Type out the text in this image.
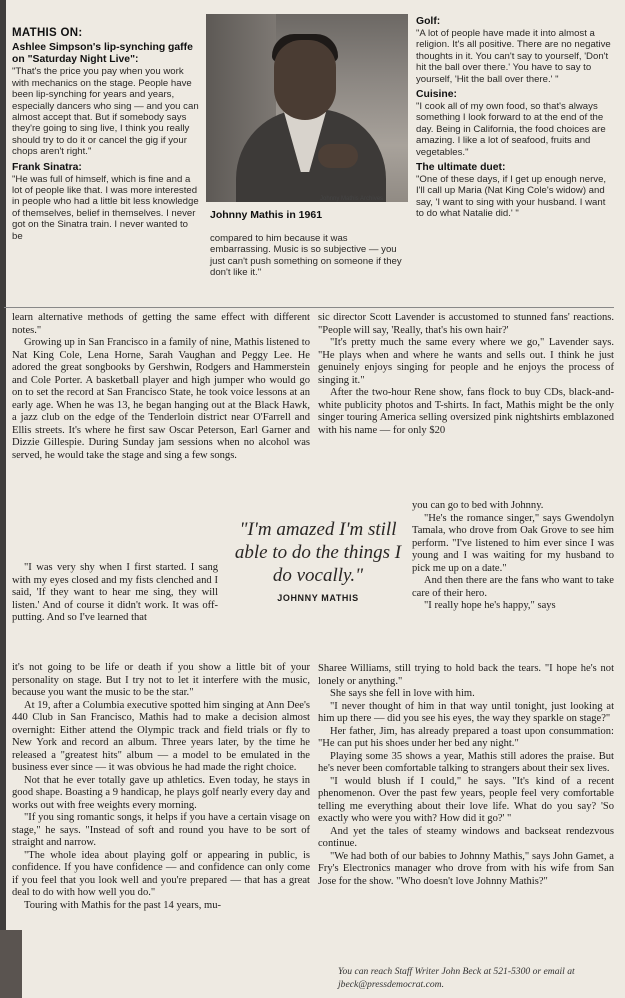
MATHIS ON:
Ashlee Simpson's lip-synching gaffe on "Saturday Night Live":

"That's the price you pay when you work with mechanics on the stage. People have been lip-synching for years and years, especially dancers who sing — and you can almost accept that. But if somebody says they're going to sing live, I think you really should try to do it or cancel the gig if your chops aren't right."

Frank Sinatra:

"He was full of himself, which is fine and a lot of people like that. I was more interested in people who had a little bit less knowledge of themselves, belief in themselves. I never got on the Sinatra train. I never wanted to be

Johnny Mathis Archives
Johnny Mathis in 1961

compared to him because it was embarrassing. Music is so subjective — you just can't push something on someone if they don't like it."

Golf:

"A lot of people have made it into almost a religion. It's all positive. There are no negative thoughts in it. You can't say to yourself, 'Don't hit the ball over there.' You have to say to yourself, 'Hit the ball over there.' "

Cuisine:

"I cook all of my own food, so that's always something I look forward to at the end of the day. Being in California, the food choices are amazing. I like a lot of seafood, fruits and vegetables."

The ultimate duet:

"One of these days, if I get up enough nerve, I'll call up Maria (Nat King Cole's widow) and say, 'I want to sing with your husband. I want to do what Natalie did.' "

learn alternative methods of getting the same effect with different notes."

Growing up in San Francisco in a family of nine, Mathis listened to Nat King Cole, Lena Horne, Sarah Vaughan and Peggy Lee. He adored the great songbooks by Gershwin, Rodgers and Hammerstein and Cole Porter. A basketball player and high jumper who would go on to set the record at San Francisco State, he took voice lessons at an early age. When he was 13, he began hanging out at the Black Hawk, a jazz club on the edge of the Tenderloin district near O'Farrell and Ellis streets. It's where he first saw Oscar Peterson, Earl Garner and Dizzie Gillespie. During Sunday jam sessions when no alcohol was served, he would take the stage and sing a few songs.

"I was very shy when I first started. I sang with my eyes closed and my fists clenched and I said, 'If they want to hear me sing, they will listen.' And of course it didn't work. It was off-putting. And so I've learned that

it's not going to be life or death if you show a little bit of your personality on stage. But I try not to let it interfere with the music, because you want the music to be the star."

At 19, after a Columbia executive spotted him singing at Ann Dee's 440 Club in San Francisco, Mathis had to make a decision almost overnight: Either attend the Olympic track and field trials or fly to New York and record an album. Three years later, by the time he released a "greatest hits" album — a model to be emulated in the business ever since — it was obvious he had made the right choice.

Not that he ever totally gave up athletics. Even today, he stays in good shape. Boasting a 9 handicap, he plays golf nearly every day and works out with free weights every morning.

"If you sing romantic songs, it helps if you have a certain visage on stage," he says. "Instead of soft and round you have to be sort of straight and narrow.

"The whole idea about playing golf or appearing in public, is confidence. If you have confidence — and confidence can only come if you feel that you look well and you're prepared — that has a great deal to do with how well you do."

Touring with Mathis for the past 14 years, mu-

sic director Scott Lavender is accustomed to stunned fans' reactions. "People will say, 'Really, that's his own hair?'

"It's pretty much the same every where we go," Lavender says. "He plays when and where he wants and sells out. I think he just genuinely enjoys singing for people and he enjoys the process of singing it."

After the two-hour Rene show, fans flock to buy CDs, black-and-white publicity photos and T-shirts. In fact, Mathis might be the only singer touring America selling oversized pink nightshirts emblazoned with his name — for only $20

you can go to bed with Johnny.

"He's the romance singer," says Gwendolyn Tamala, who drove from Oak Grove to see him perform. "I've listened to him ever since I was young and I was waiting for my husband to pick me up on a date."

And then there are the fans who want to take care of their hero.

"I really hope he's happy," says

Sharee Williams, still trying to hold back the tears. "I hope he's not lonely or anything."

She says she fell in love with him.

"I never thought of him in that way until tonight, just looking at him up there — did you see his eyes, the way they sparkle on stage?"

Her father, Jim, has already prepared a toast upon consummation: "He can put his shoes under her bed any night."

Playing some 35 shows a year, Mathis still adores the praise. But he's never been comfortable talking to strangers about their sex lives.

"I would blush if I could," he says. "It's kind of a recent phenomenon. Over the past few years, people feel very comfortable telling me everything about their love life. What do you say? 'So exactly who were you with? How did it go?' "

And yet the tales of steamy windows and backseat rendezvous continue.

"We had both of our babies to Johnny Mathis," says John Gamet, a Fry's Electronics manager who drove from with his wife from San Jose for the show. "Who doesn't love Johnny Mathis?"

"I'm amazed I'm still able to do the things I do vocally."
JOHNNY MATHIS
You can reach Staff Writer John Beck at 521-5300 or email at jbeck@pressdemocrat.com.
